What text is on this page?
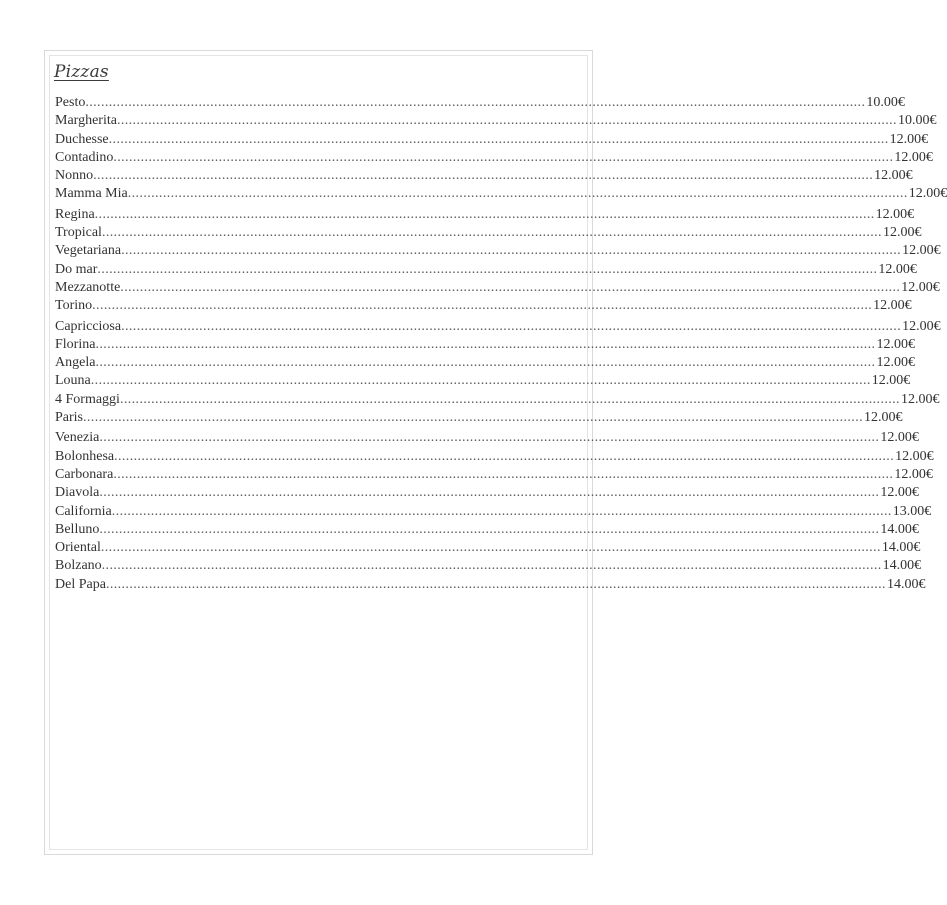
Pizzas
Pesto ........................................................................................................................................................................................................ 10.00€
Margherita ........................................................................................................................................................................................................ 10.00€
Duchesse ........................................................................................................................................................................................................ 12.00€
Contadino ........................................................................................................................................................................................................ 12.00€
Nonno ........................................................................................................................................................................................................ 12.00€
Mamma Mia ........................................................................................................................................................................................................ 12.00€
Regina ........................................................................................................................................................................................................ 12.00€
Tropical ........................................................................................................................................................................................................ 12.00€
Vegetariana ........................................................................................................................................................................................................ 12.00€
Do mar ........................................................................................................................................................................................................ 12.00€
Mezzanotte ........................................................................................................................................................................................................ 12.00€
Torino ........................................................................................................................................................................................................ 12.00€
Capricciosa ........................................................................................................................................................................................................ 12.00€
Florina ........................................................................................................................................................................................................ 12.00€
Angela ........................................................................................................................................................................................................ 12.00€
Louna ........................................................................................................................................................................................................ 12.00€
4 Formaggi ........................................................................................................................................................................................................ 12.00€
Paris ........................................................................................................................................................................................................ 12.00€
Venezia ........................................................................................................................................................................................................ 12.00€
Bolonhesa ........................................................................................................................................................................................................ 12.00€
Carbonara ........................................................................................................................................................................................................ 12.00€
Diavola ........................................................................................................................................................................................................ 12.00€
California ........................................................................................................................................................................................................ 13.00€
Belluno ........................................................................................................................................................................................................ 14.00€
Oriental ........................................................................................................................................................................................................ 14.00€
Bolzano ........................................................................................................................................................................................................ 14.00€
Del Papa ........................................................................................................................................................................................................ 14.00€
